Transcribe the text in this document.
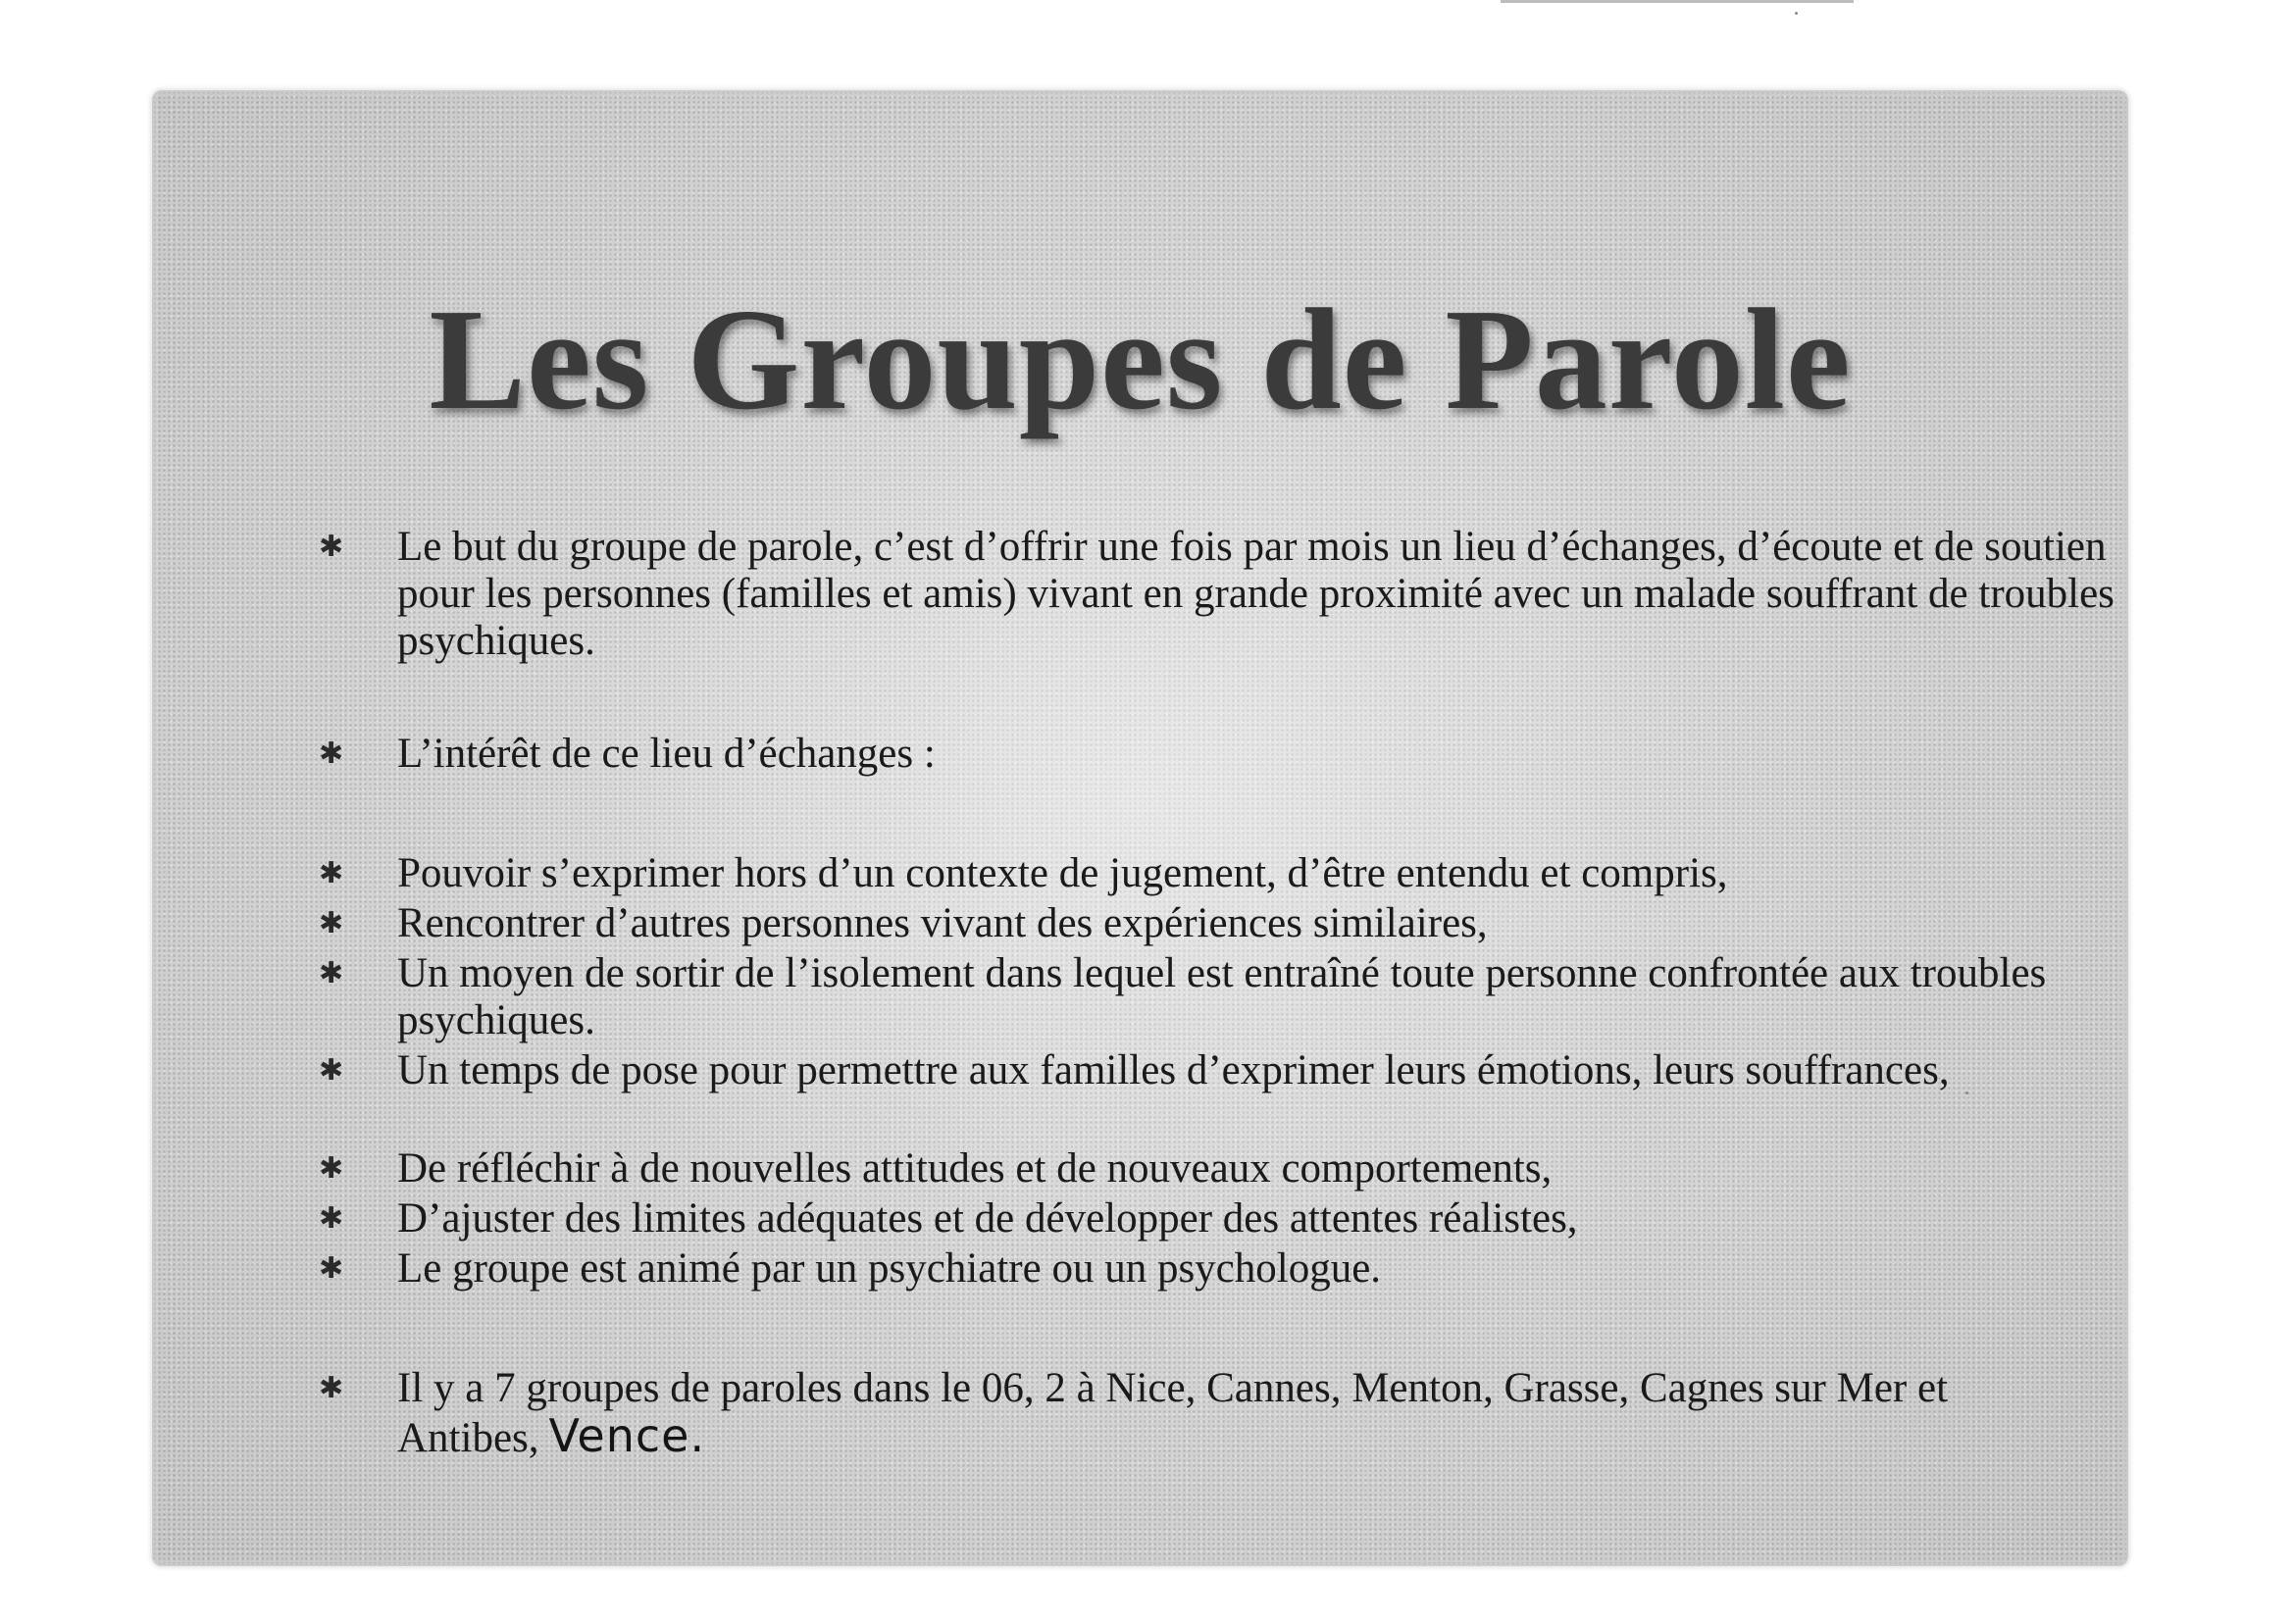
Les Groupes de Parole
✱	Le but du groupe de parole, c’est d’offrir une fois par mois un lieu d’échanges, d’écoute et de soutien pour les personnes (familles et amis) vivant en grande proximité avec un malade souffrant de troubles psychiques.
✱	L’intérêt de ce lieu d’échanges :
✱	Pouvoir s’exprimer hors d’un contexte de jugement, d’être entendu et compris,
✱	Rencontrer d’autres personnes vivant des expériences similaires,
✱	Un moyen de sortir de l’isolement dans lequel est entraîné toute personne confrontée aux troubles psychiques.
✱	Un temps de pose pour permettre aux familles d’exprimer leurs émotions, leurs souffrances,
✱	De réfléchir à de nouvelles attitudes et de nouveaux comportements,
✱	D’ajuster des limites adéquates et de développer des attentes réalistes,
✱	Le groupe est animé par un psychiatre ou un psychologue.
✱	Il y a 7 groupes de paroles dans le 06, 2 à Nice, Cannes, Menton, Grasse, Cagnes sur Mer et Antibes, Vence.
